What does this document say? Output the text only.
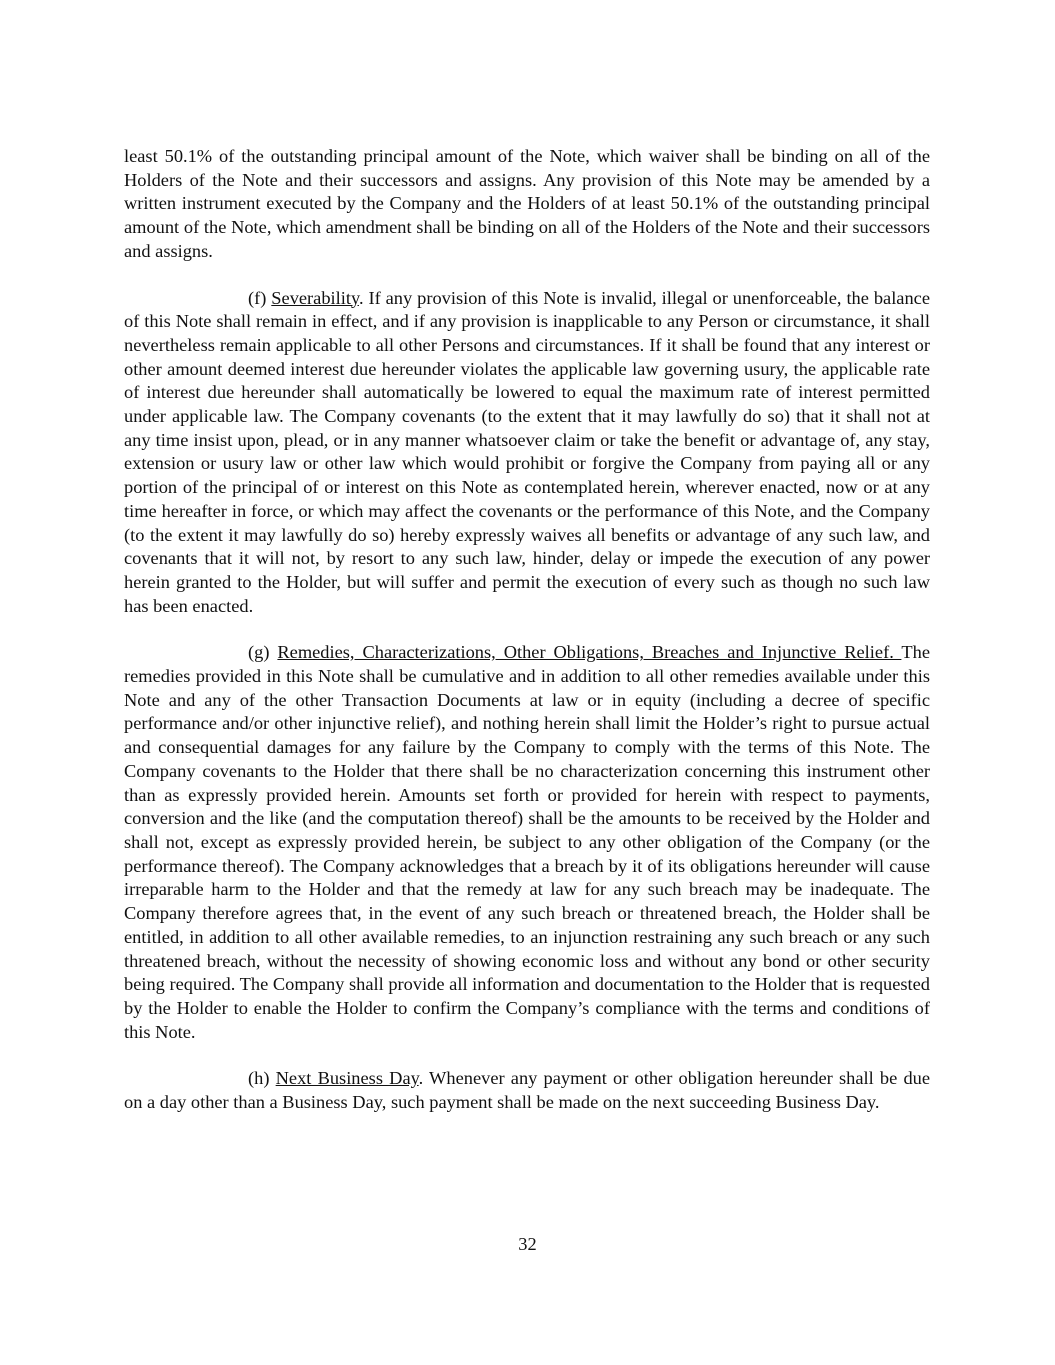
least 50.1% of the outstanding principal amount of the Note, which waiver shall be binding on all of the Holders of the Note and their successors and assigns. Any provision of this Note may be amended by a written instrument executed by the Company and the Holders of at least 50.1% of the outstanding principal amount of the Note, which amendment shall be binding on all of the Holders of the Note and their successors and assigns.

(f) Severability. If any provision of this Note is invalid, illegal or unenforceable, the balance of this Note shall remain in effect, and if any provision is inapplicable to any Person or circumstance, it shall nevertheless remain applicable to all other Persons and circumstances. If it shall be found that any interest or other amount deemed interest due hereunder violates the applicable law governing usury, the applicable rate of interest due hereunder shall automatically be lowered to equal the maximum rate of interest permitted under applicable law. The Company covenants (to the extent that it may lawfully do so) that it shall not at any time insist upon, plead, or in any manner whatsoever claim or take the benefit or advantage of, any stay, extension or usury law or other law which would prohibit or forgive the Company from paying all or any portion of the principal of or interest on this Note as contemplated herein, wherever enacted, now or at any time hereafter in force, or which may affect the covenants or the performance of this Note, and the Company (to the extent it may lawfully do so) hereby expressly waives all benefits or advantage of any such law, and covenants that it will not, by resort to any such law, hinder, delay or impede the execution of any power herein granted to the Holder, but will suffer and permit the execution of every such as though no such law has been enacted.

(g) Remedies, Characterizations, Other Obligations, Breaches and Injunctive Relief. The remedies provided in this Note shall be cumulative and in addition to all other remedies available under this Note and any of the other Transaction Documents at law or in equity (including a decree of specific performance and/or other injunctive relief), and nothing herein shall limit the Holder’s right to pursue actual and consequential damages for any failure by the Company to comply with the terms of this Note. The Company covenants to the Holder that there shall be no characterization concerning this instrument other than as expressly provided herein. Amounts set forth or provided for herein with respect to payments, conversion and the like (and the computation thereof) shall be the amounts to be received by the Holder and shall not, except as expressly provided herein, be subject to any other obligation of the Company (or the performance thereof). The Company acknowledges that a breach by it of its obligations hereunder will cause irreparable harm to the Holder and that the remedy at law for any such breach may be inadequate. The Company therefore agrees that, in the event of any such breach or threatened breach, the Holder shall be entitled, in addition to all other available remedies, to an injunction restraining any such breach or any such threatened breach, without the necessity of showing economic loss and without any bond or other security being required. The Company shall provide all information and documentation to the Holder that is requested by the Holder to enable the Holder to confirm the Company’s compliance with the terms and conditions of this Note.

(h) Next Business Day. Whenever any payment or other obligation hereunder shall be due on a day other than a Business Day, such payment shall be made on the next succeeding Business Day.

32
